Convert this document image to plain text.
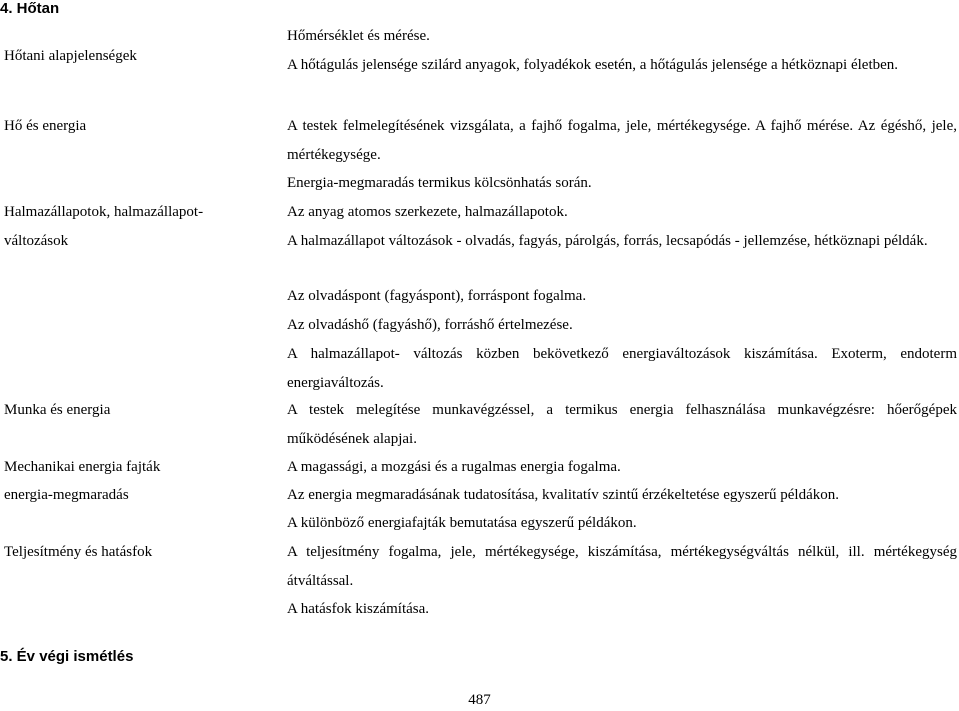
4. Hőtan
Hőtani alapjelenségek
Hő és energia
Halmazállapotok, halmazállapot-
változások
Munka és energia
Mechanikai energia fajták
energia-megmaradás
Teljesítmény és hatásfok

Hőmérséklet és mérése.

A hőtágulás jelensége szilárd anyagok, folyadékok esetén, a hőtágulás jelensége a hétköznapi életben.

A testek felmelegítésének vizsgálata, a fajhő fogalma, jele, mértékegysége. A fajhő mérése. Az égéshő, jele, mértékegysége.

Energia-megmaradás termikus kölcsönhatás során.

Az anyag atomos szerkezete, halmazállapotok.

A halmazállapot változások - olvadás, fagyás, párolgás, forrás, lecsapódás - jellemzése, hétköznapi példák.

Az olvadáspont (fagyáspont), forráspont fogalma.

Az olvadáshő (fagyáshő), forráshő értelmezése.

A halmazállapot- változás közben bekövetkező energiaváltozások kiszámítása. Exoterm, endoterm energiaváltozás.

A testek melegítése munkavégzéssel, a termikus energia felhasználása munkavégzésre: hőerőgépek működésének alapjai.

A magassági, a mozgási és a rugalmas energia fogalma.

Az energia megmaradásának tudatosítása, kvalitatív szintű érzékeltetése egyszerű példákon.

A különböző energiafajták bemutatása egyszerű példákon.

A teljesítmény fogalma, jele, mértékegysége, kiszámítása, mértékegységváltás nélkül, ill. mértékegység átváltással.

A hatásfok kiszámítása.

5. Év végi ismétlés
487
